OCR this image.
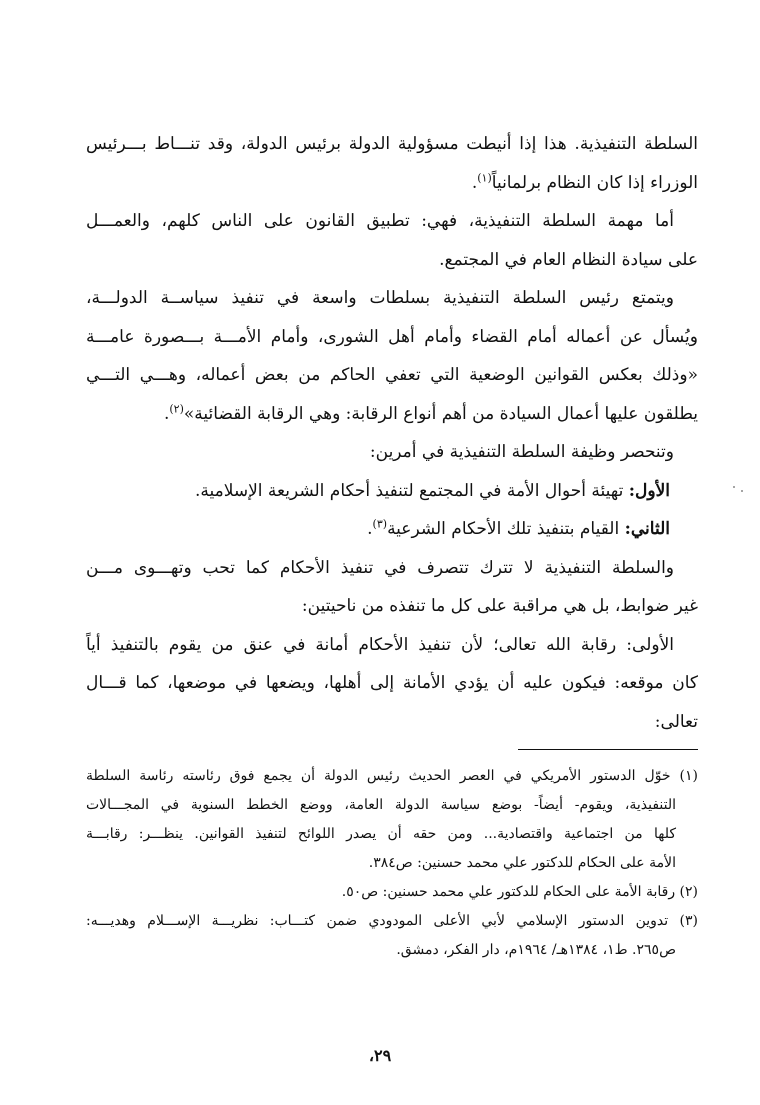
السلطة التنفيذية. هذا إذا أنيطت مسؤولية الدولة برئيس الدولة، وقد تنـــاط بـــرئيس
الوزراء إذا كان النظام برلمانياً$^{(١)}$.

أما مهمة السلطة التنفيذية، فهي: تطبيق القانون على الناس كلهم، والعمـــل
على سيادة النظام العام في المجتمع.

ويتمتع رئيس السلطة التنفيذية بسلطات واسعة في تنفيذ سياســة الدولـــة،
ويُسأل عن أعماله أمام القضاء وأمام أهل الشورى، وأمام الأمـــة بـــصورة عامـــة
«وذلك بعكس القوانين الوضعية التي تعفي الحاكم من بعض أعماله، وهـــي التـــي
يطلقون عليها أعمال السيادة من أهم أنواع الرقابة: وهي الرقابة القضائية»$^{(٢)}$.

وتنحصر وظيفة السلطة التنفيذية في أمرين:

الأول: تهيئة أحوال الأمة في المجتمع لتنفيذ أحكام الشريعة الإسلامية.

الثاني: القيام بتنفيذ تلك الأحكام الشرعية$^{(٣)}$.

والسلطة التنفيذية لا تترك تتصرف في تنفيذ الأحكام كما تحب وتهـــوى مـــن
غير ضوابط، بل هي مراقبة على كل ما تنفذه من ناحيتين:

الأولى: رقابة الله تعالى؛ لأن تنفيذ الأحكام أمانة في عنق من يقوم بالتنفيذ أياً
كان موقعه: فيكون عليه أن يؤدي الأمانة إلى أهلها، ويضعها في موضعها، كما قـــال
تعالى:

(١) خوّل الدستور الأمريكي في العصر الحديث رئيس الدولة أن يجمع فوق رئاسته رئاسة السلطة
التنفيذية، ويقوم- أيضاً- بوضع سياسة الدولة العامة، ووضع الخطط السنوية في المجـــالات
كلها من اجتماعية واقتصادية... ومن حقه أن يصدر اللوائح لتنفيذ القوانين. ينظـــر: رقابـــة
الأمة على الحكام للدكتور علي محمد حسنين: ص٣٨٤.
(٢) رقابة الأمة على الحكام للدكتور علي محمد حسنين: ص٥٠.
(٣) تدوين الدستور الإسلامي لأبي الأعلى المودودي ضمن كتـــاب: نظريـــة الإســـلام وهديـــه:
ص٢٦٥. ط١، ١٣٨٤هـ/ ١٩٦٤م، دار الفكر، دمشق.
٢٩،
